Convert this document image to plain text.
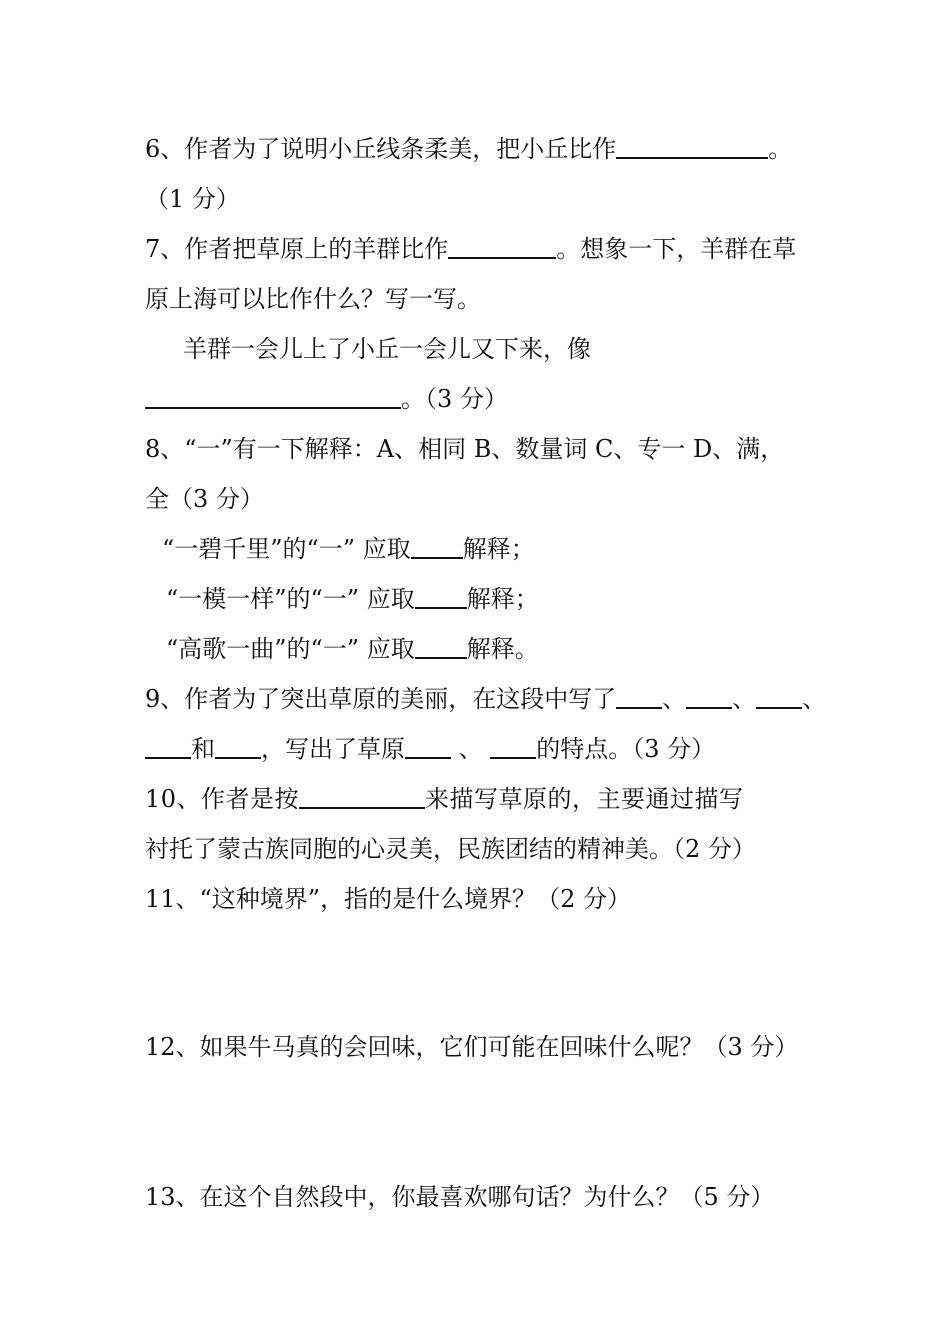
6、作者为了说明小丘线条柔美，把小丘比作	。
（1 分）
7、作者把草原上的羊群比作	。想象一下，羊群在草
原上海可以比作什么？写一写。
羊群一会儿上了小丘一会儿又下来，像
。（3 分）
8、“一”有一下解释：A、相同 B、数量词 C、专一 D、满，
全（3 分）
“一碧千里”的“一” 应取 解释；
“一模一样”的“一” 应取 解释；
“高歌一曲”的“一” 应取 解释。
9、作者为了突出草原的美丽，在这段中写了 、 、 、
和 ，写出了草原 、 的特点。（3 分）
10、作者是按	来描写草原的，主要通过描写
衬托了蒙古族同胞的心灵美，民族团结的精神美。（2 分）
11、“这种境界”，指的是什么境界？（2 分）
12、如果牛马真的会回味，它们可能在回味什么呢？（3 分）
13、在这个自然段中，你最喜欢哪句话？为什么？（5 分）
